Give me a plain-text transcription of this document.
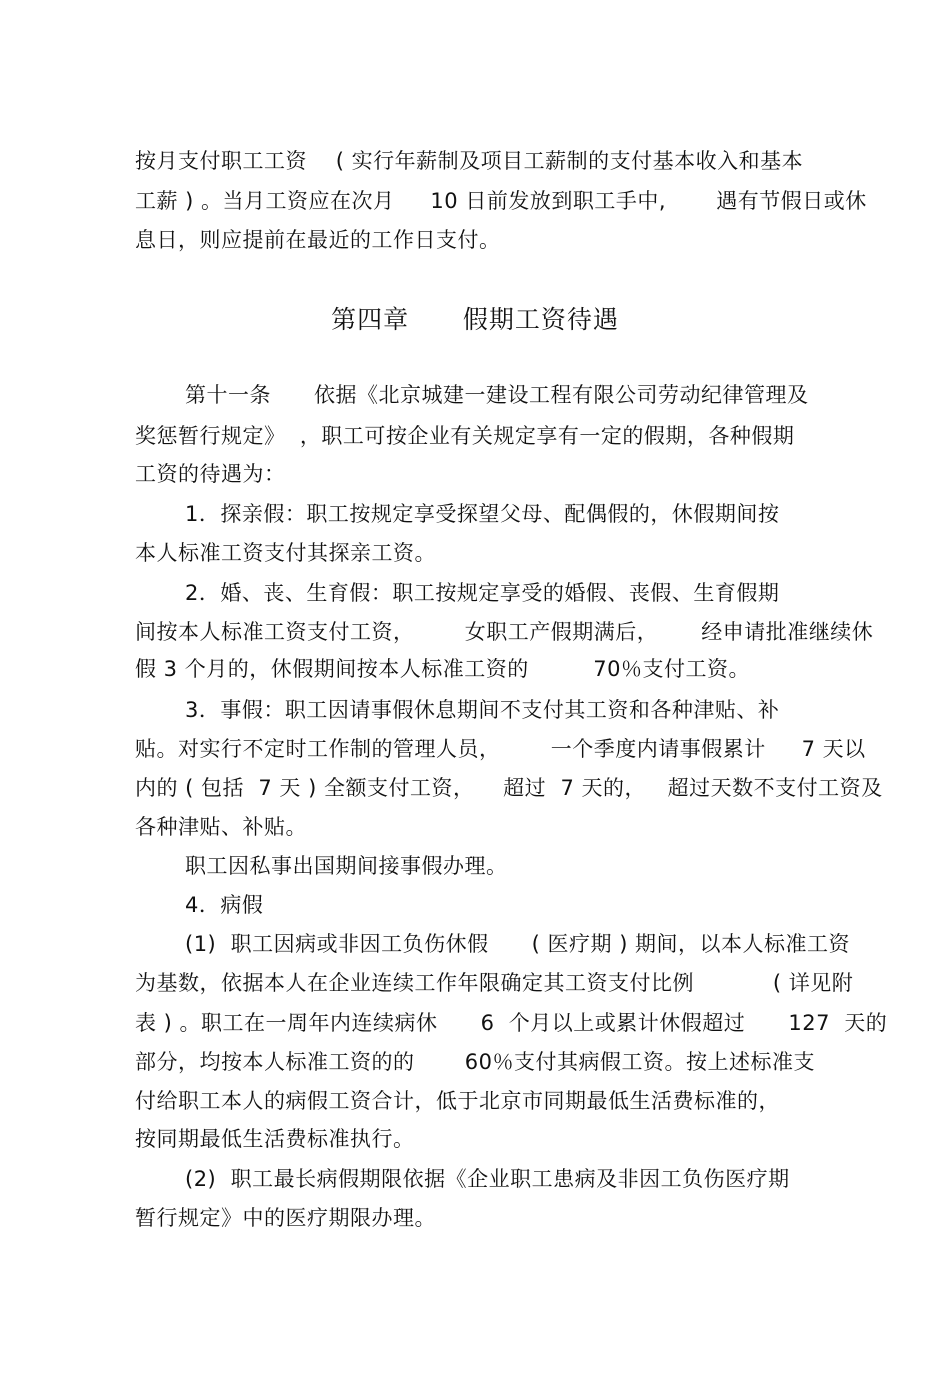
按月支付职工工资    ( 实行年薪制及项目工薪制的支付基本收入和基本
工薪 ) 。当月工资应在次月     10 日前发放到职工手中,       遇有节假日或休
息日，则应提前在最近的工作日支付。
第四章      假期工资待遇
第十一条      依据《北京城建一建设工程有限公司劳动纪律管理及
奖惩暂行规定》  ，职工可按企业有关规定享有一定的假期，各种假期
工资的待遇为：
1．探亲假：职工按规定享受探望父母、配偶假的，休假期间按
本人标准工资支付其探亲工资。
2．婚、丧、生育假：职工按规定享受的婚假、丧假、生育假期
间按本人标准工资支付工资，       女职工产假期满后，      经申请批准继续休
假 3 个月的，休假期间按本人标准工资的         70％支付工资。
3．事假：职工因请事假休息期间不支付其工资和各种津贴、补
贴。对实行不定时工作制的管理人员，       一个季度内请事假累计     7 天以
内的 ( 包括  7 天 ) 全额支付工资，    超过  7 天的，   超过天数不支付工资及
各种津贴、补贴。
职工因私事出国期间接事假办理。
4．病假
(1)  职工因病或非因工负伤休假      ( 医疗期 ) 期间，以本人标准工资
为基数，依据本人在企业连续工作年限确定其工资支付比例           ( 详见附
表 ) 。职工在一周年内连续病休      6  个月以上或累计休假超过      127  天的
部分，均按本人标准工资的的       60％支付其病假工资。按上述标准支
付给职工本人的病假工资合计，低于北京市同期最低生活费标准的，
按同期最低生活费标准执行。
(2)  职工最长病假期限依据《企业职工患病及非因工负伤医疗期
暂行规定》中的医疗期限办理。
